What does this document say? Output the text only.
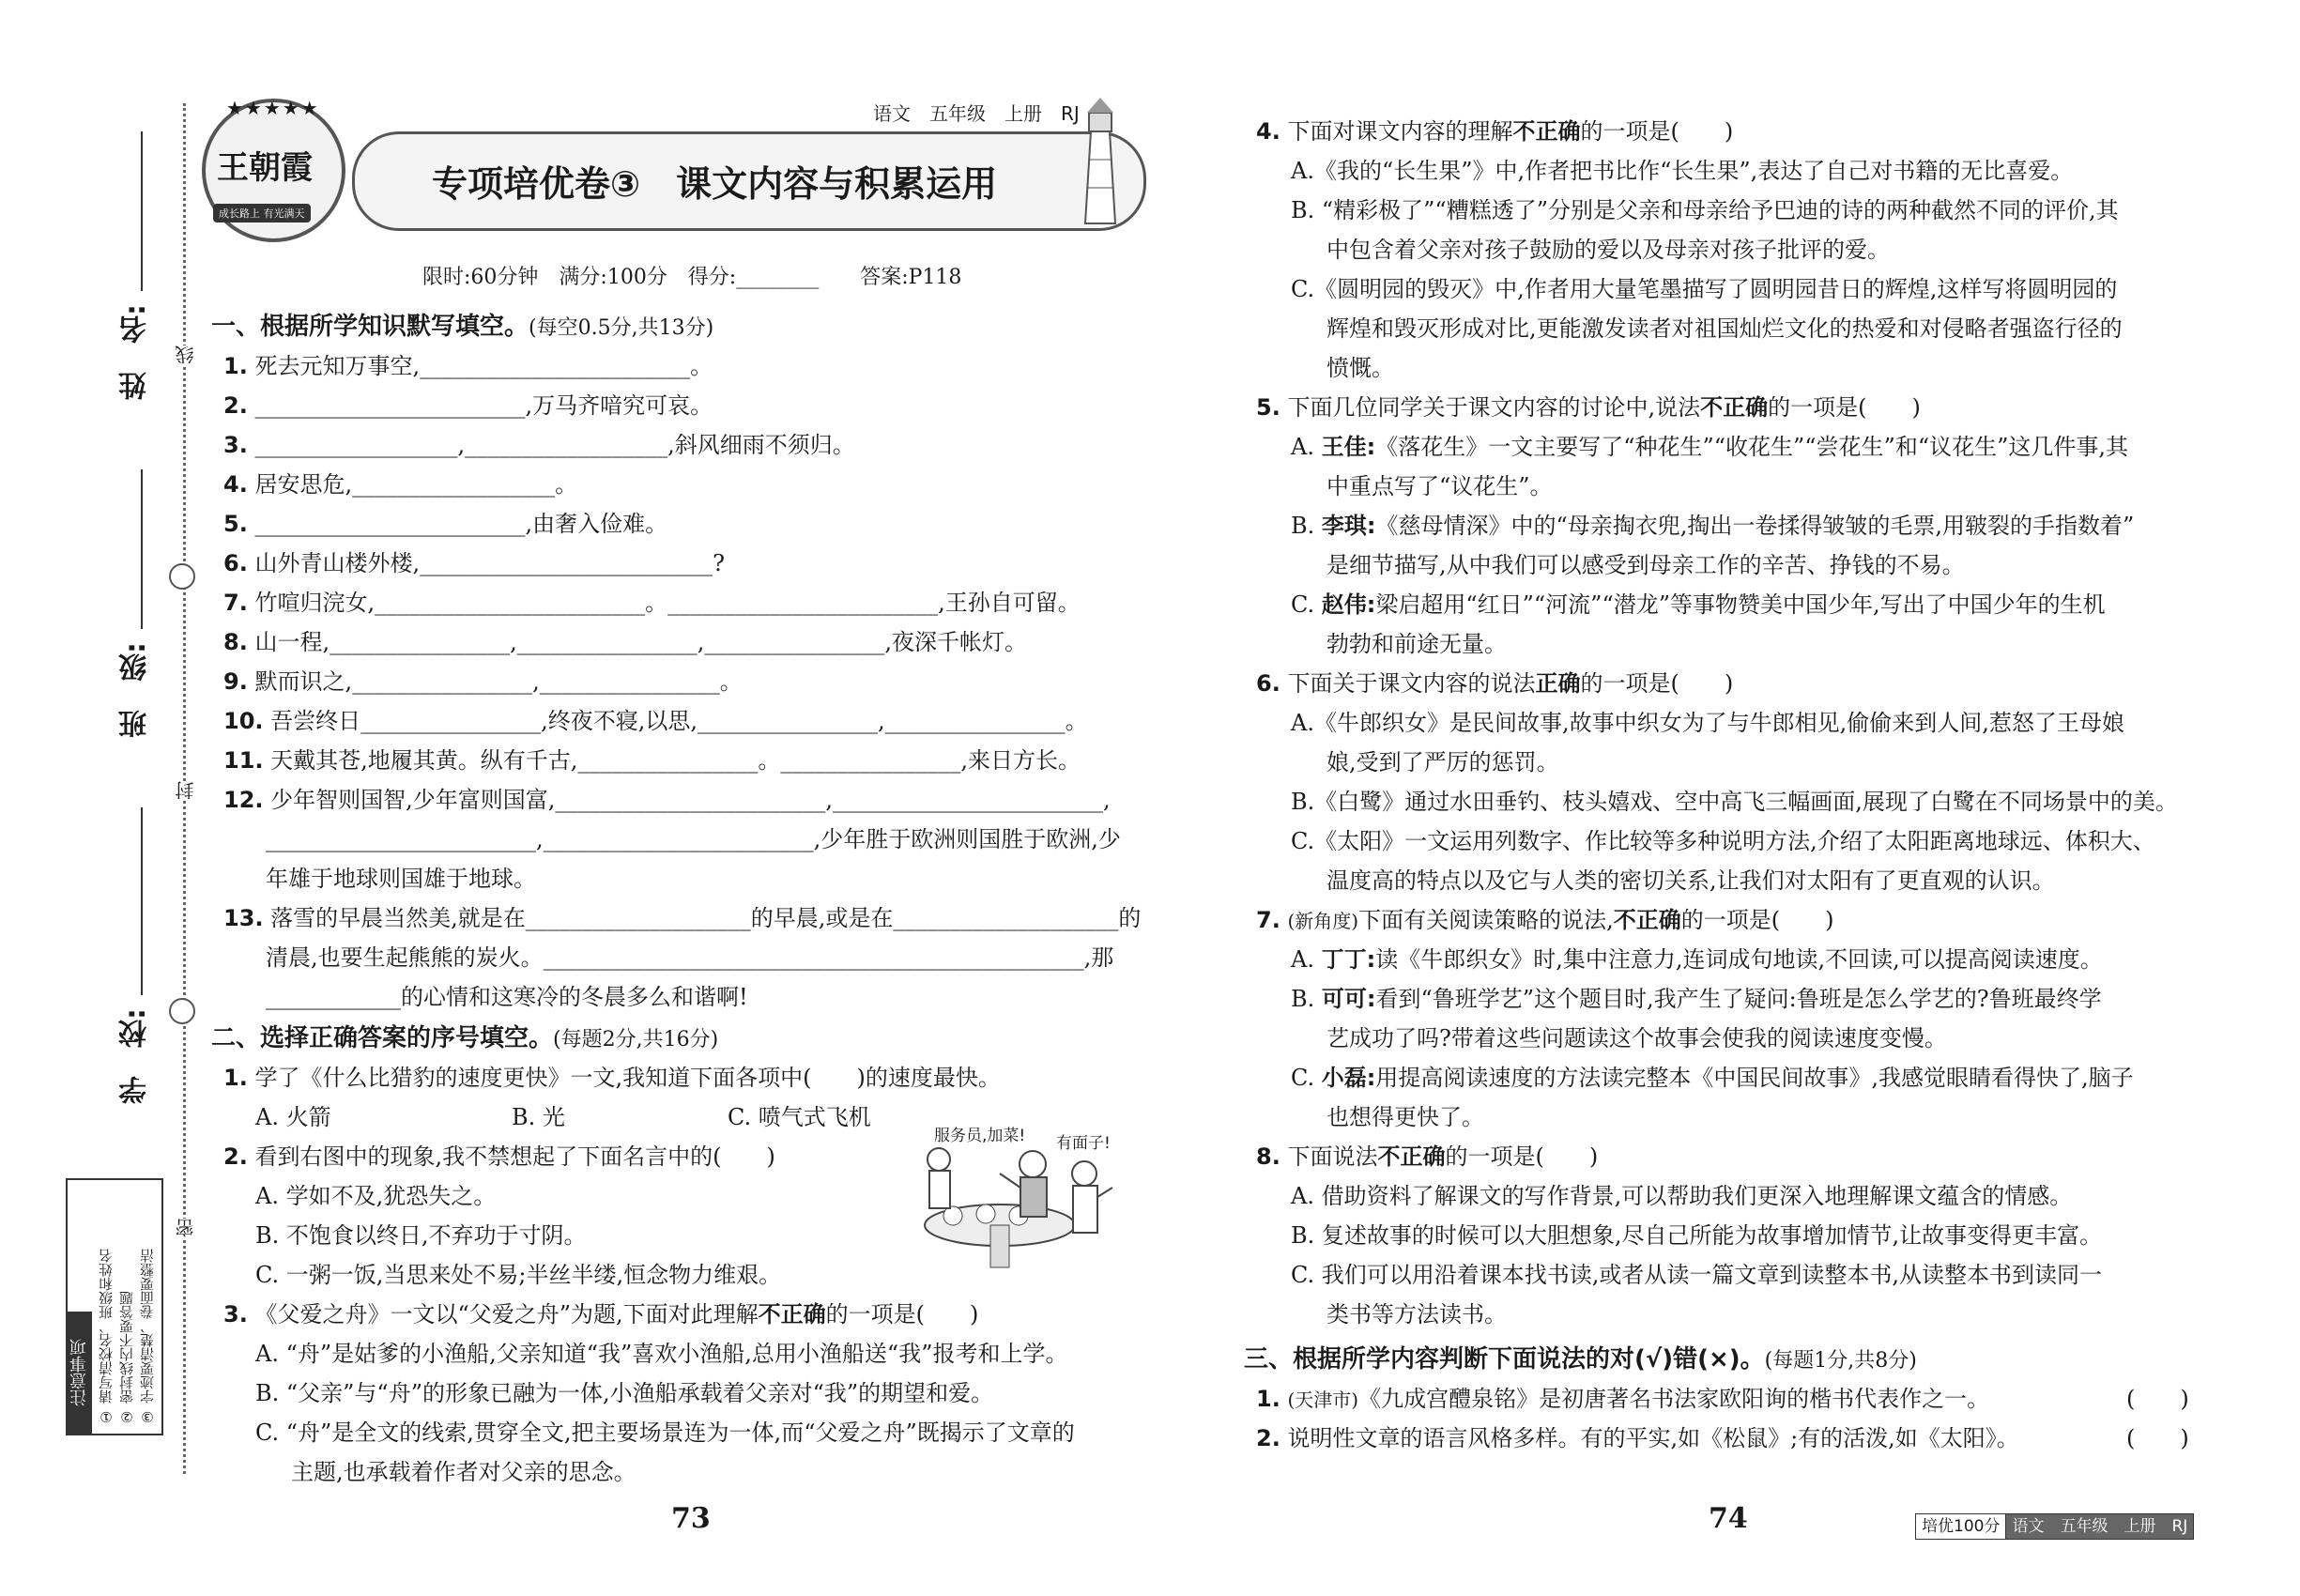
姓　名:
班　级:
学　校:
线
封
密
注意事项 ① 请写清校名、班级和姓名 ② 密封线内不要答题 ③ 字迹要清楚、卷面要整洁
★★★★★
王朝霞
成长路上 有光满天
专项培优卷③　课文内容与积累运用
语文　五年级　上册　RJ
限时:60分钟　满分:100分　得分:________　　答案:P118
一、根据所学知识默写填空。(每空0.5分,共13分)
1. 死去元知万事空,________________________。
2. ________________________,万马齐喑究可哀。
3. __________________,__________________,斜风细雨不须归。
4. 居安思危,__________________。
5. ________________________,由奢入俭难。
6. 山外青山楼外楼,__________________________?
7. 竹喧归浣女,________________________。________________________,王孙自可留。
8. 山一程,________________,________________,________________,夜深千帐灯。
9. 默而识之,________________,________________。
10. 吾尝终日________________,终夜不寝,以思,________________,________________。
11. 天戴其苍,地履其黄。纵有千古,________________。________________,来日方长。
12. 少年智则国智,少年富则国富,________________________,________________________,
________________________,________________________,少年胜于欧洲则国胜于欧洲,少
年雄于地球则国雄于地球。
13. 落雪的早晨当然美,就是在____________________的早晨,或是在____________________的
清晨,也要生起熊熊的炭火。________________________________________________,那
____________的心情和这寒冷的冬晨多么和谐啊!
二、选择正确答案的序号填空。(每题2分,共16分)
1. 学了《什么比猎豹的速度更快》一文,我知道下面各项中(　　)的速度最快。
A. 火箭	B. 光	C. 喷气式飞机
2. 看到右图中的现象,我不禁想起了下面名言中的(　　)
A. 学如不及,犹恐失之。
B. 不饱食以终日,不弃功于寸阴。
C. 一粥一饭,当思来处不易;半丝半缕,恒念物力维艰。
服务员,加菜! 有面子!
3. 《父爱之舟》一文以“父爱之舟”为题,下面对此理解不正确的一项是(　　)
A. “舟”是姑爹的小渔船,父亲知道“我”喜欢小渔船,总用小渔船送“我”报考和上学。
B. “父亲”与“舟”的形象已融为一体,小渔船承载着父亲对“我”的期望和爱。
C. “舟”是全文的线索,贯穿全文,把主要场景连为一体,而“父爱之舟”既揭示了文章的
主题,也承载着作者对父亲的思念。
73
4. 下面对课文内容的理解不正确的一项是(　　)
A.《我的“长生果”》中,作者把书比作“长生果”,表达了自己对书籍的无比喜爱。
B. “精彩极了”“糟糕透了”分别是父亲和母亲给予巴迪的诗的两种截然不同的评价,其
中包含着父亲对孩子鼓励的爱以及母亲对孩子批评的爱。
C.《圆明园的毁灭》中,作者用大量笔墨描写了圆明园昔日的辉煌,这样写将圆明园的
辉煌和毁灭形成对比,更能激发读者对祖国灿烂文化的热爱和对侵略者强盗行径的
愤慨。
5. 下面几位同学关于课文内容的讨论中,说法不正确的一项是(　　)
A. 王佳:《落花生》一文主要写了“种花生”“收花生”“尝花生”和“议花生”这几件事,其
中重点写了“议花生”。
B. 李琪:《慈母情深》中的“母亲掏衣兜,掏出一卷揉得皱皱的毛票,用皲裂的手指数着”
是细节描写,从中我们可以感受到母亲工作的辛苦、挣钱的不易。
C. 赵伟:梁启超用“红日”“河流”“潜龙”等事物赞美中国少年,写出了中国少年的生机
勃勃和前途无量。
6. 下面关于课文内容的说法正确的一项是(　　)
A.《牛郎织女》是民间故事,故事中织女为了与牛郎相见,偷偷来到人间,惹怒了王母娘
娘,受到了严厉的惩罚。
B.《白鹭》通过水田垂钓、枝头嬉戏、空中高飞三幅画面,展现了白鹭在不同场景中的美。
C.《太阳》一文运用列数字、作比较等多种说明方法,介绍了太阳距离地球远、体积大、
温度高的特点以及它与人类的密切关系,让我们对太阳有了更直观的认识。
7. (新角度)下面有关阅读策略的说法,不正确的一项是(　　)
A. 丁丁:读《牛郎织女》时,集中注意力,连词成句地读,不回读,可以提高阅读速度。
B. 可可:看到“鲁班学艺”这个题目时,我产生了疑问:鲁班是怎么学艺的?鲁班最终学
艺成功了吗?带着这些问题读这个故事会使我的阅读速度变慢。
C. 小磊:用提高阅读速度的方法读完整本《中国民间故事》,我感觉眼睛看得快了,脑子
也想得更快了。
8. 下面说法不正确的一项是(　　)
A. 借助资料了解课文的写作背景,可以帮助我们更深入地理解课文蕴含的情感。
B. 复述故事的时候可以大胆想象,尽自己所能为故事增加情节,让故事变得更丰富。
C. 我们可以用沿着课本找书读,或者从读一篇文章到读整本书,从读整本书到读同一
类书等方法读书。
三、根据所学内容判断下面说法的对(√)错(×)。(每题1分,共8分)
1. (天津市)《九成宫醴泉铭》是初唐著名书法家欧阳询的楷书代表作之一。	(　　)
2. 说明性文章的语言风格多样。有的平实,如《松鼠》;有的活泼,如《太阳》。	(　　)
74	培优100分 语文　五年级　上册　RJ
